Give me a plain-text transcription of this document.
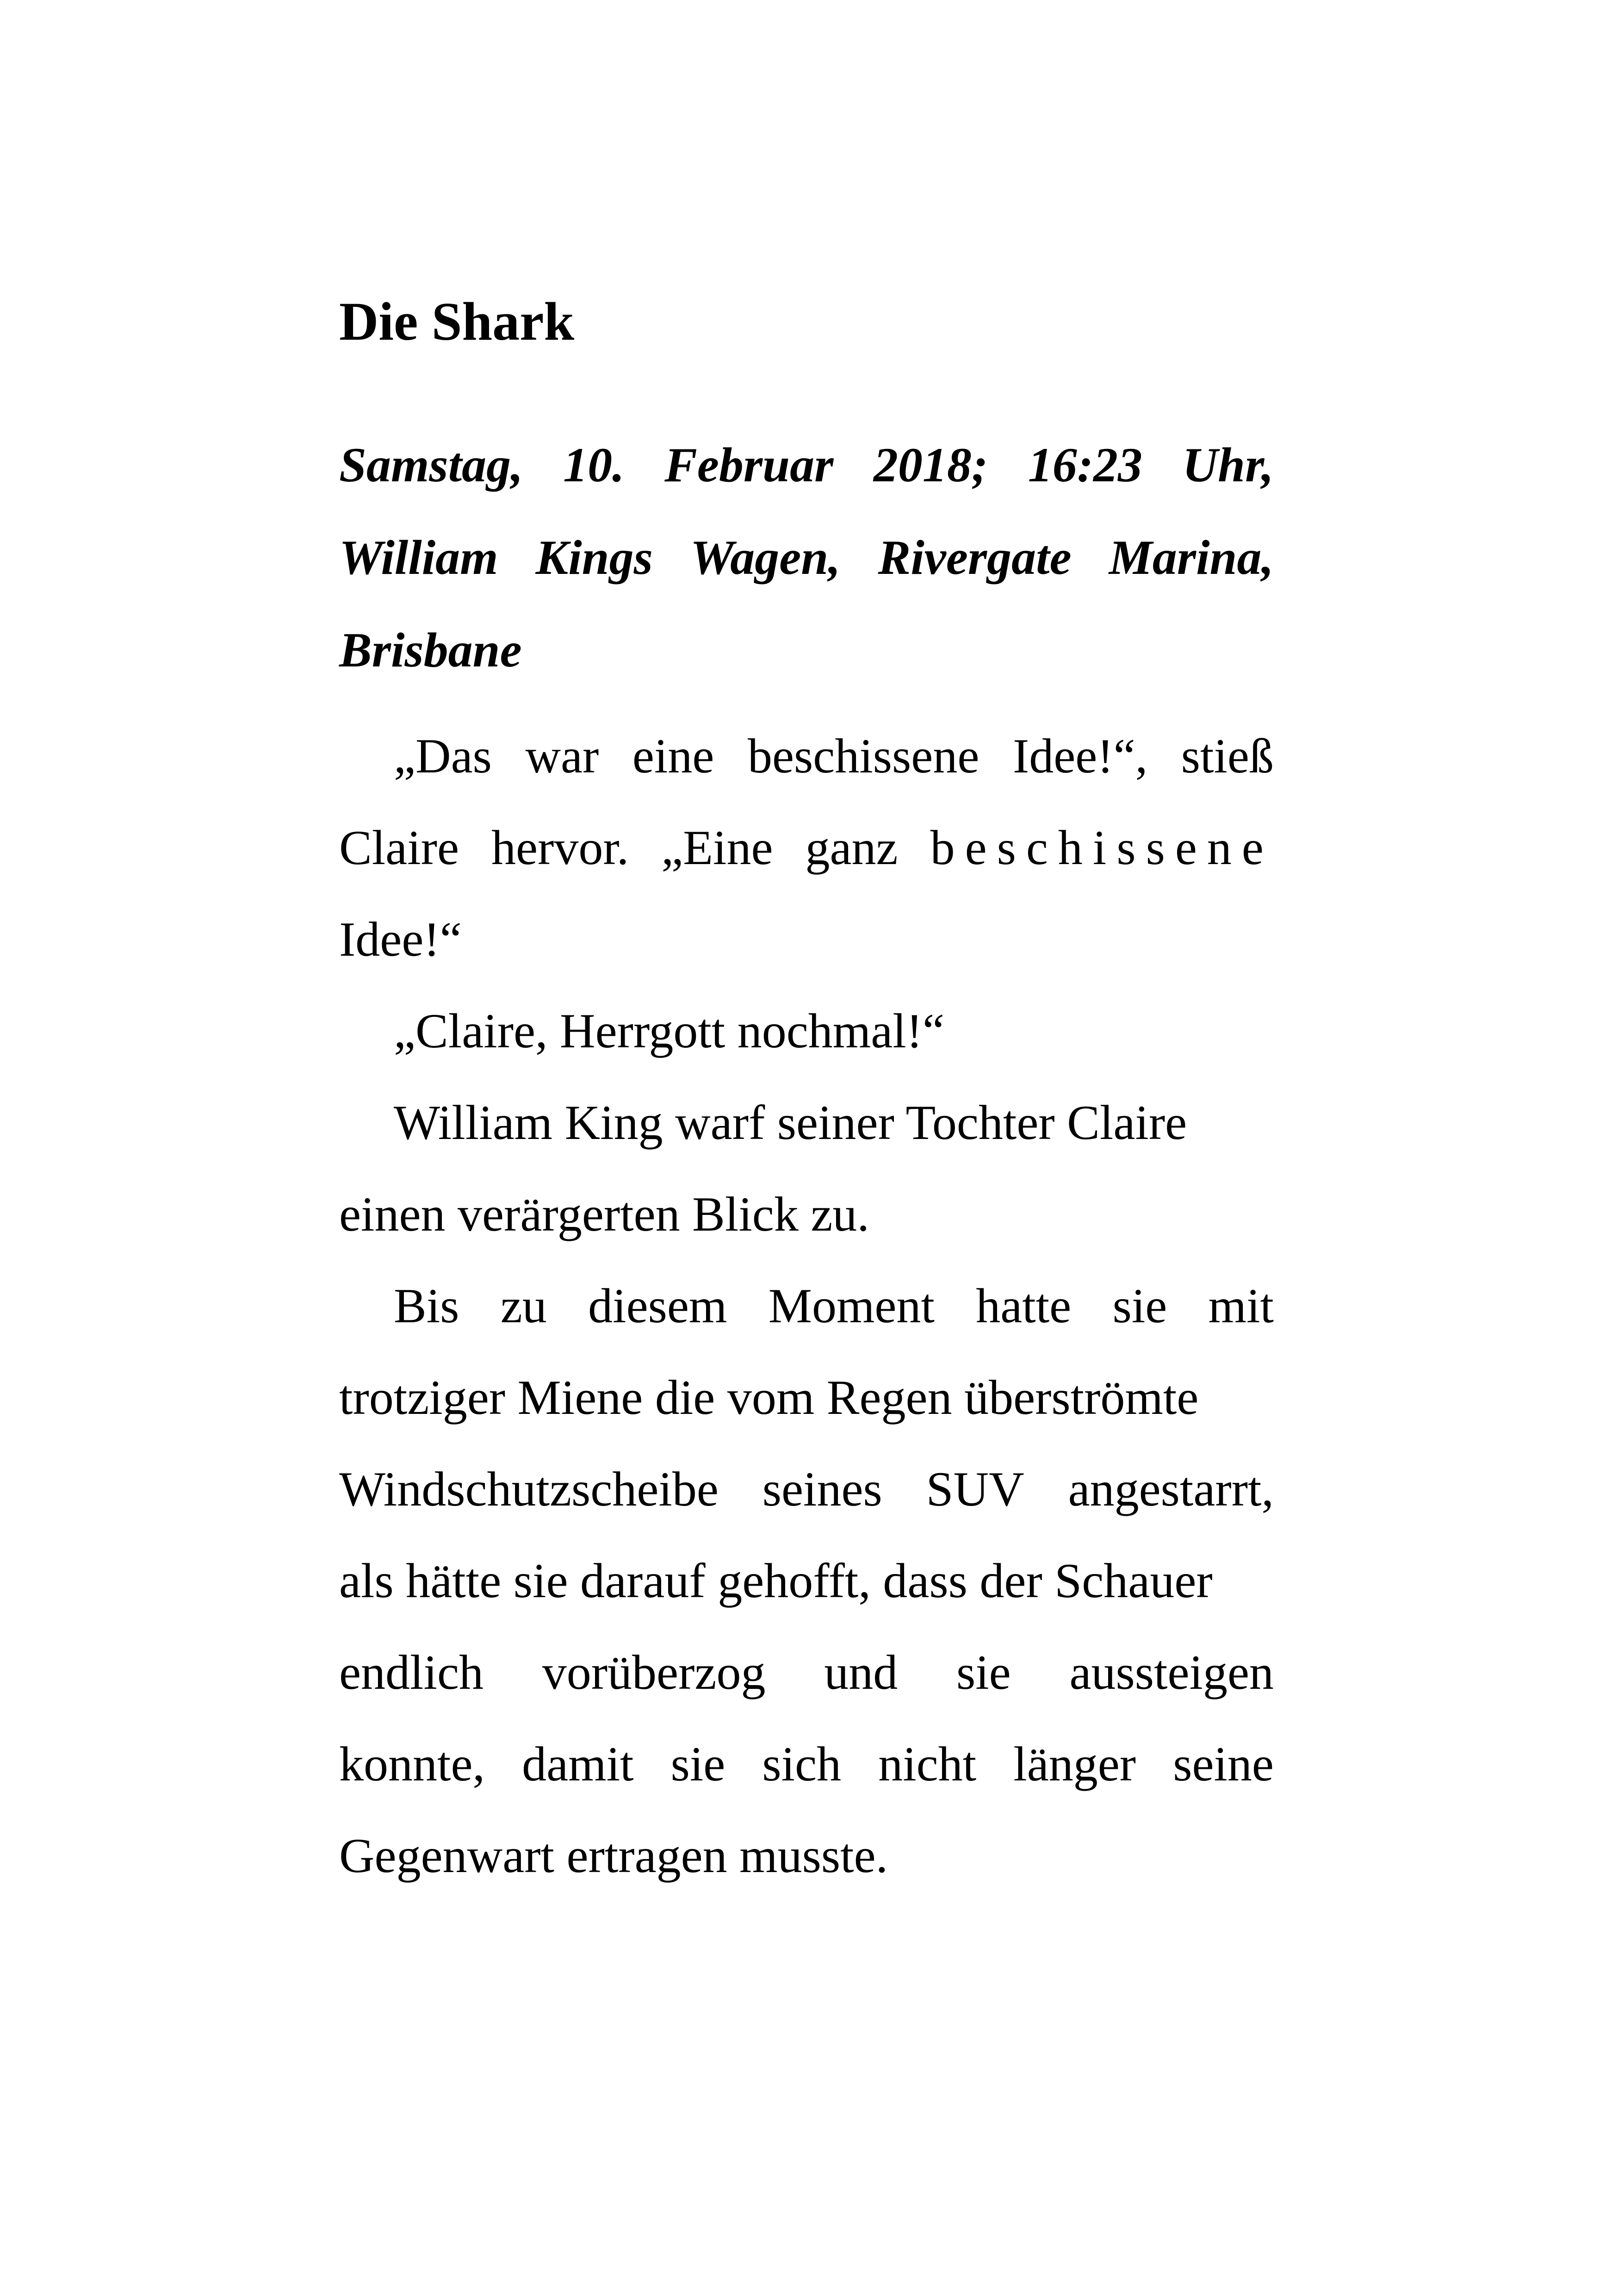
Die Shark
Samstag, 10. Februar 2018; 16:23 Uhr,
William Kings Wagen, Rivergate Marina,
Brisbane
„Das war eine beschissene Idee!“, stieß
Claire hervor. „Eine ganz beschissene
Idee!“
„Claire, Herrgott nochmal!“
William King warf seiner Tochter Claire
einen verärgerten Blick zu.
Bis zu diesem Moment hatte sie mit
trotziger Miene die vom Regen überströmte
Windschutzscheibe seines SUV angestarrt,
als hätte sie darauf gehofft, dass der Schauer
endlich vorüberzog und sie aussteigen
konnte, damit sie sich nicht länger seine
Gegenwart ertragen musste.
